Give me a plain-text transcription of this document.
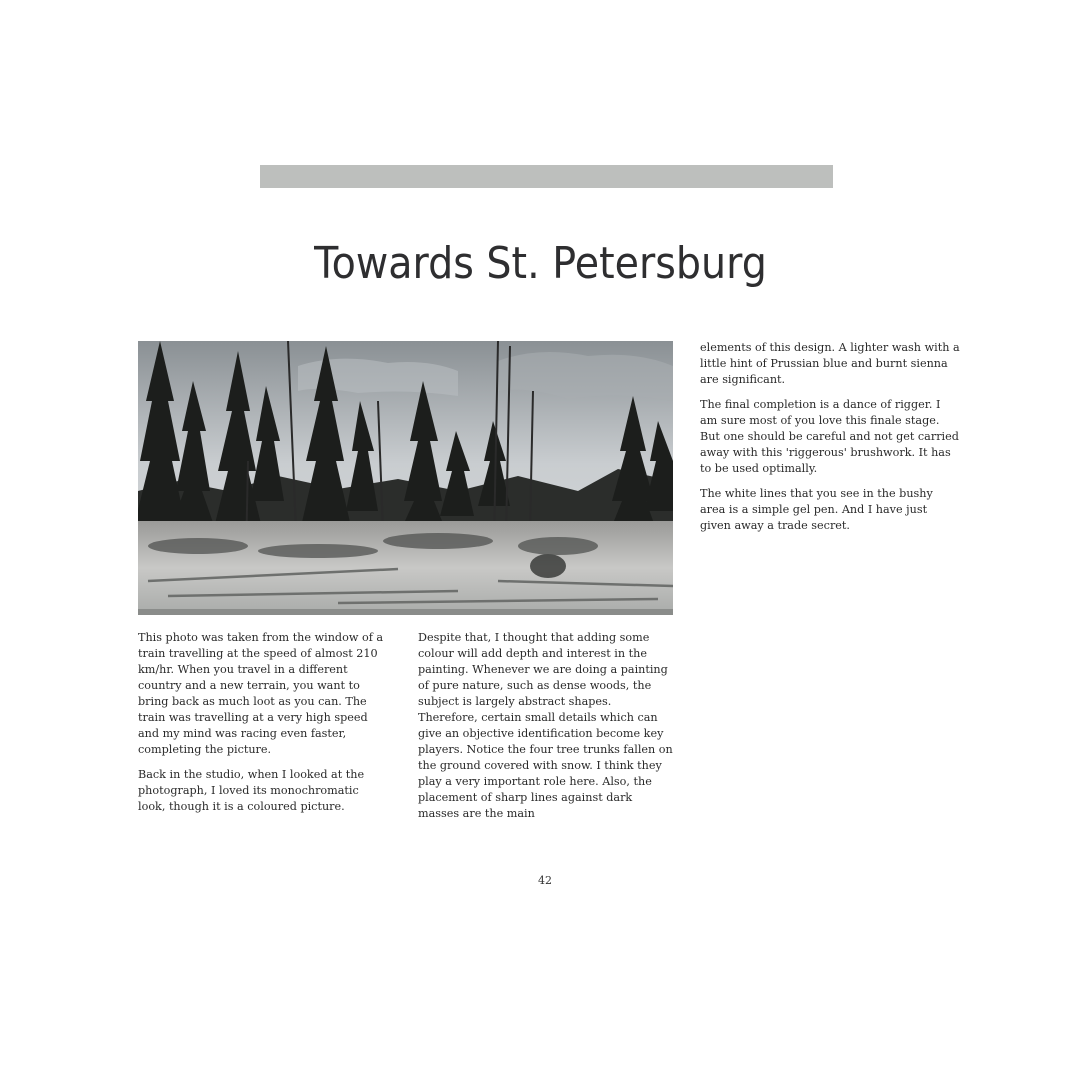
Towards St. Petersburg

This photo was taken from the window of a train travelling at the speed of almost 210 km/hr. When you travel in a different country and a new terrain, you want to bring back as much loot as you can. The train was travelling at a very high speed and my mind was racing even faster, completing the picture.

Back in the studio, when I looked at the photograph, I loved its monochromatic look, though it is a coloured picture.

Despite that, I thought that adding some colour will add depth and interest in the painting. Whenever we are doing a painting of pure nature, such as dense woods, the subject is largely abstract shapes. Therefore, certain small details which can give an objective identification become key players. Notice the four tree trunks fallen on the ground covered with snow. I think they play a very important role here. Also, the placement of sharp lines against dark masses are the main

elements of this design. A lighter wash with a little hint of Prussian blue and burnt sienna are significant.

The final completion is a dance of rigger. I am sure most of you love this finale stage. But one should be careful and not get carried away with this 'riggerous' brushwork. It has to be used optimally.

The white lines that you see in the bushy area is a simple gel pen. And I have just given away a trade secret.

42
